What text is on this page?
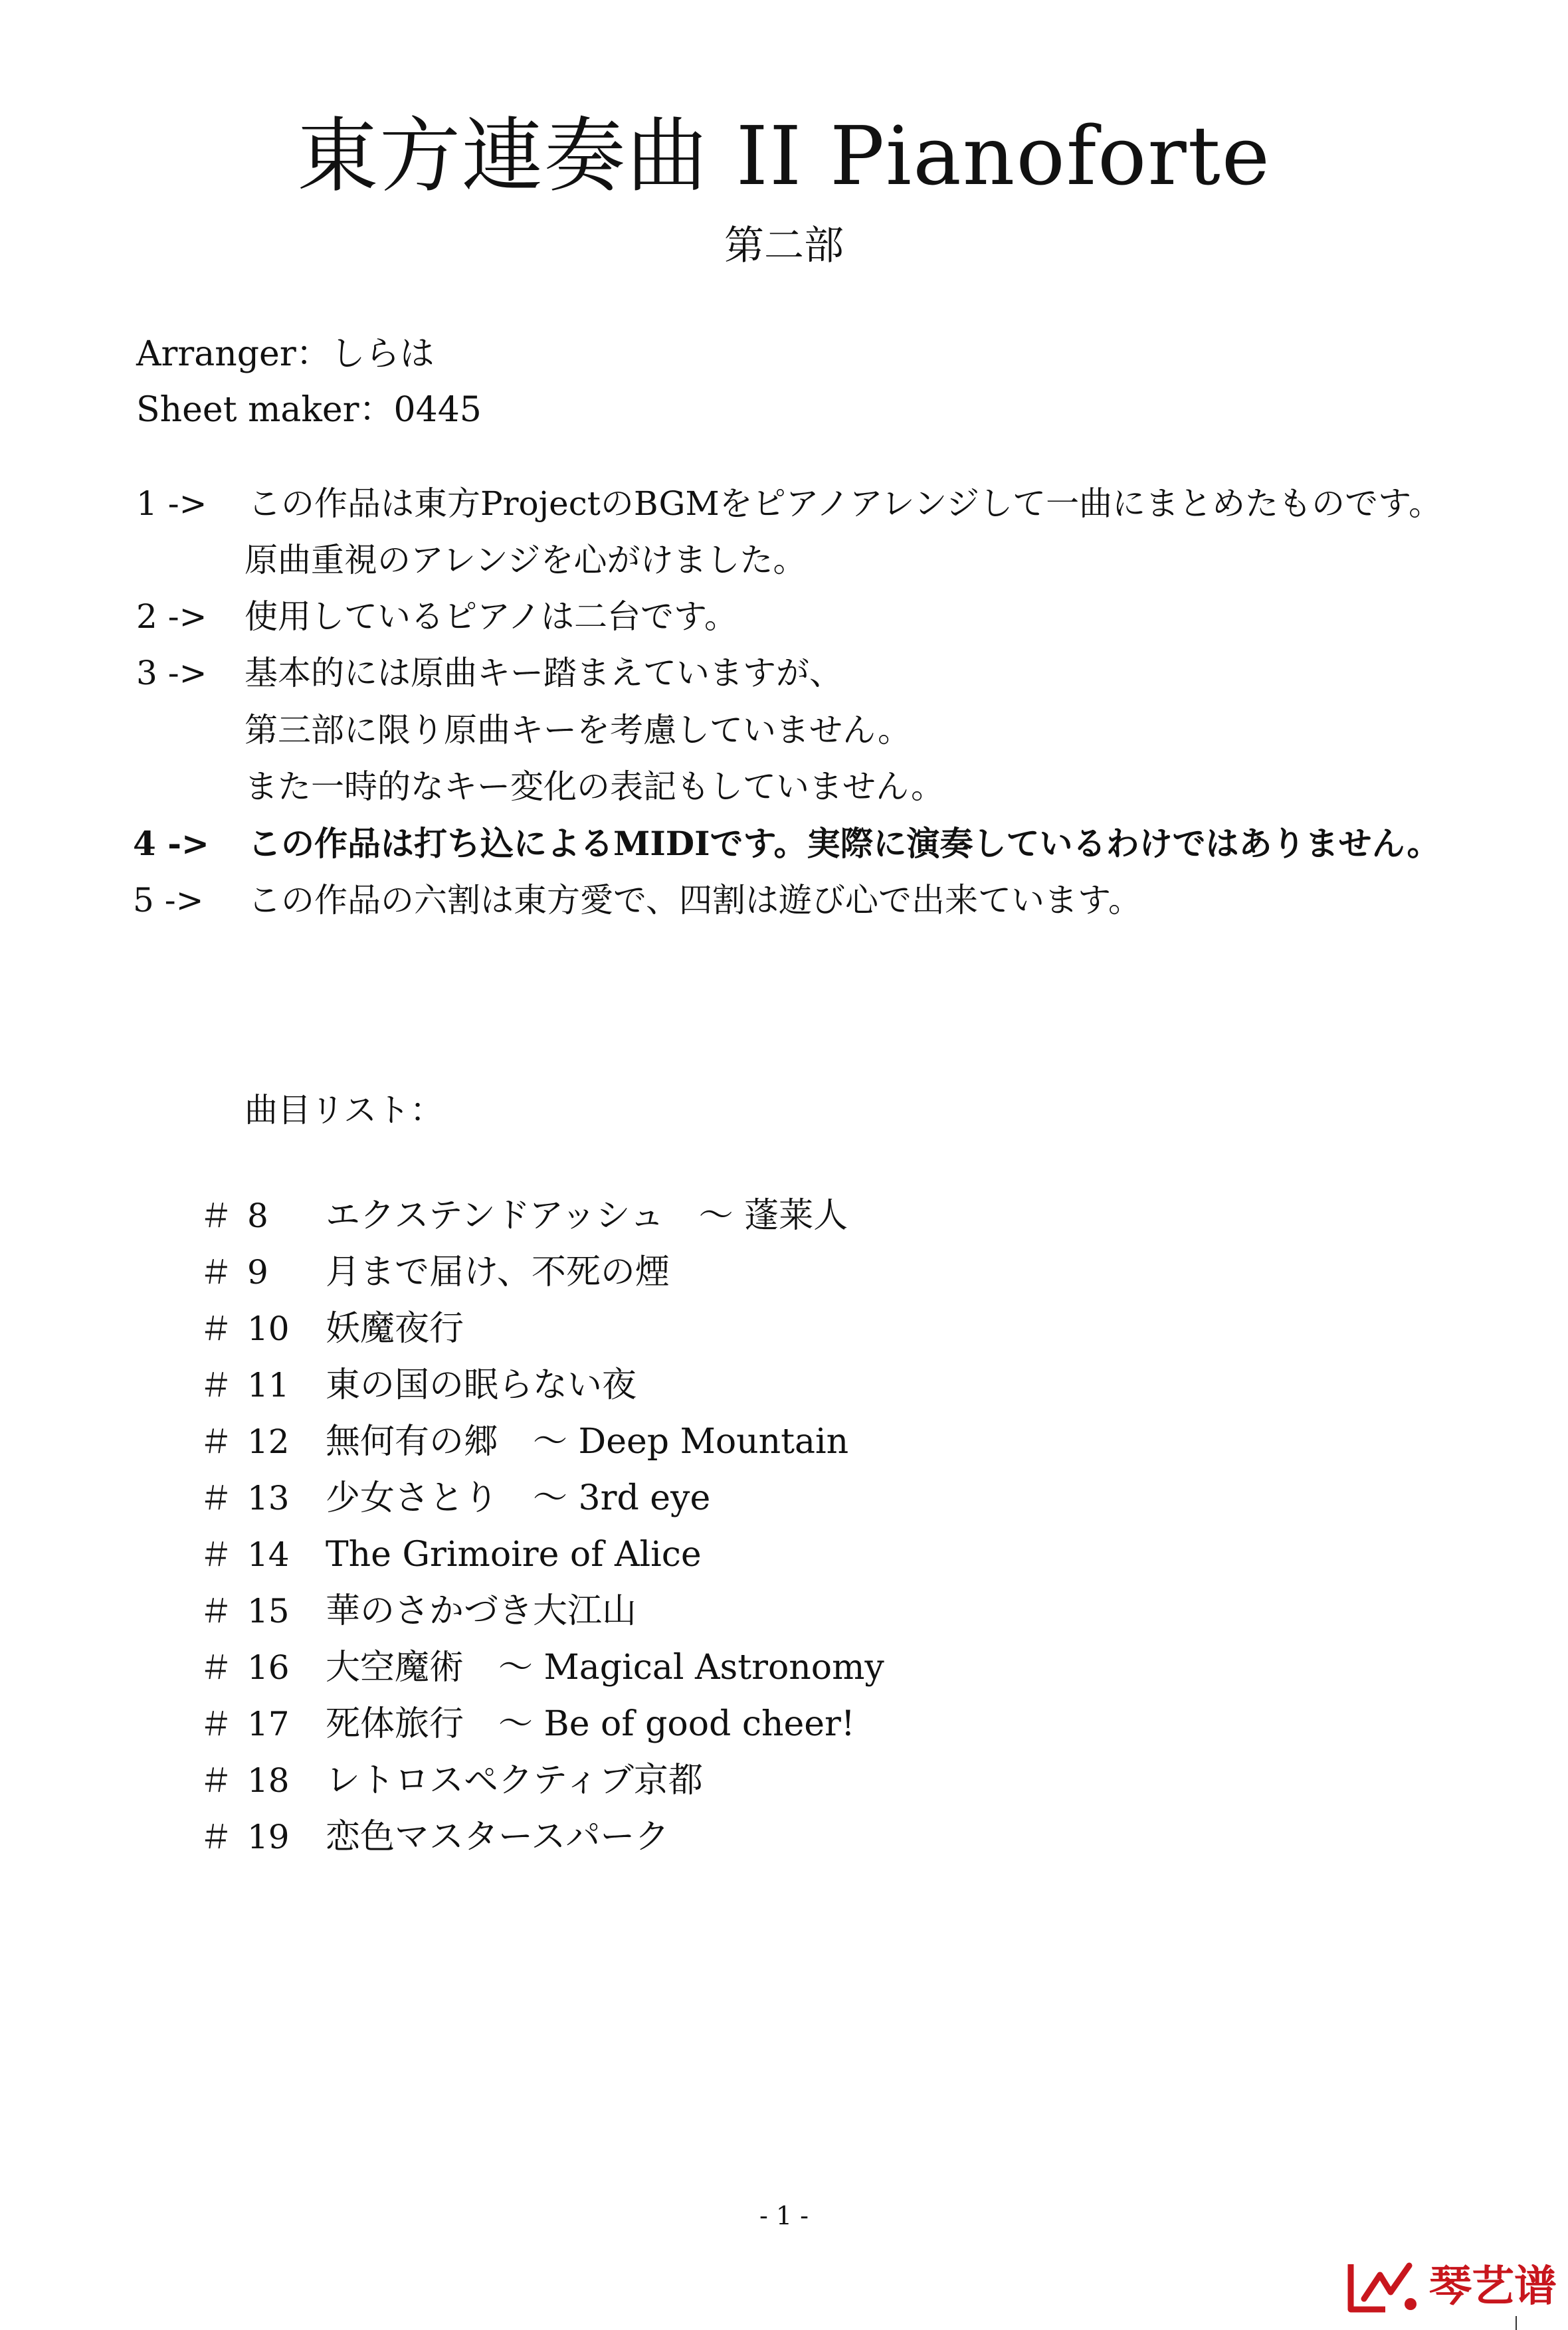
東方連奏曲 II Pianoforte
第二部
Arranger：しらは
Sheet maker：0445
1 -> この作品は東方ProjectのBGMをピアノアレンジして一曲にまとめたものです。
原曲重視のアレンジを心がけました。
2 -> 使用しているピアノは二台です。
3 -> 基本的には原曲キー踏まえていますが、
第三部に限り原曲キーを考慮していません。
また一時的なキー変化の表記もしていません。
4 -> この作品は打ち込によるMIDIです。実際に演奏しているわけではありません。
5 -> この作品の六割は東方愛で、四割は遊び心で出来ています。
曲目リスト：
＃ 8 エクステンドアッシュ　～ 蓬莱人
＃ 9 月まで届け、不死の煙
＃ 10 妖魔夜行
＃ 11 東の国の眠らない夜
＃ 12 無何有の郷　～ Deep Mountain
＃ 13 少女さとり　～ 3rd eye
＃ 14 The Grimoire of Alice
＃ 15 華のさかづき大江山
＃ 16 大空魔術　～ Magical Astronomy
＃ 17 死体旅行　～ Be of good cheer!
＃ 18 レトロスペクティブ京都
＃ 19 恋色マスタースパーク
- 1 -
琴艺谱
